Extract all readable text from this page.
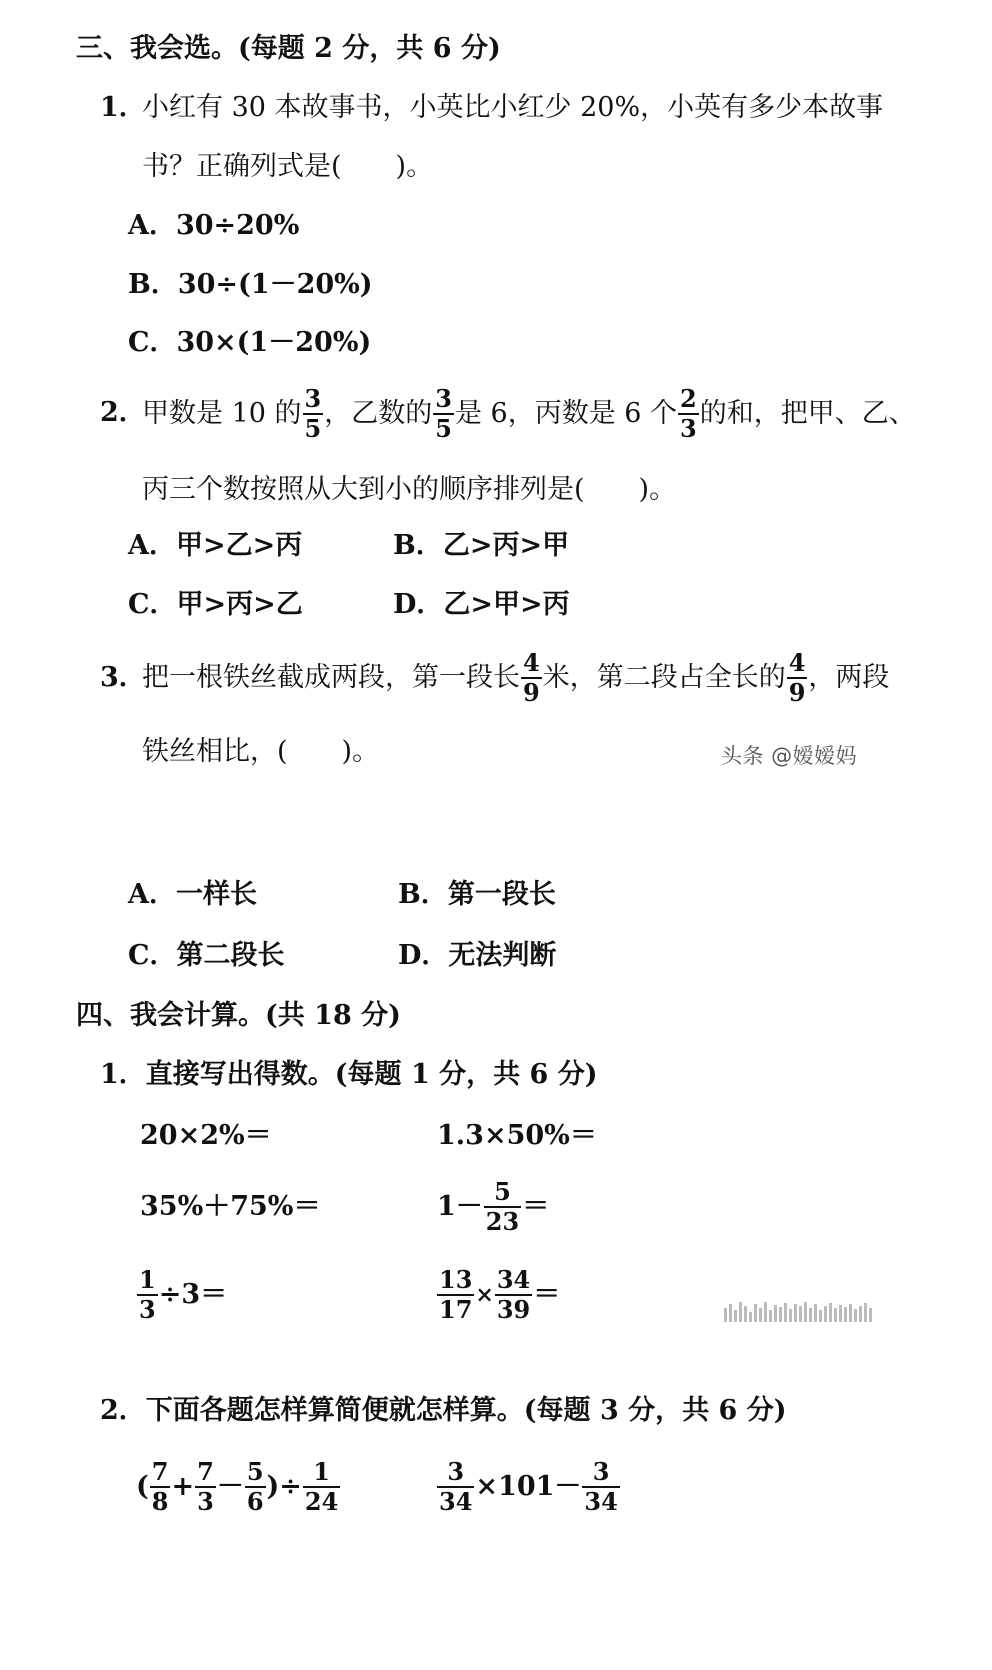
三、我会选。(每题 2 分，共 6 分)
1．
小红有 30 本故事书，小英比小红少 20%，小英有多少本故事
书？正确列式是(　　)。
A．30÷20%
B．30÷(1－20%)
C．30×(1－20%)
2．
甲数是 10 的 $\frac{3}{5}$ ，乙数的 $\frac{3}{5}$ 是 6，丙数是 6 个 $\frac{2}{3}$ 的和，把甲、乙、
丙三个数按照从大到小的顺序排列是(　　)。
A．甲>乙>丙	B．乙>丙>甲
C．甲>丙>乙	D．乙>甲>丙
3．
把一根铁丝截成两段，第一段长 $\frac{4}{9}$ 米，第二段占全长的 $\frac{4}{9}$ ，两段
铁丝相比，(　　)。	头条 @嫒嫒妈
A．一样长	B．第一段长
C．第二段长	D．无法判断
四、我会计算。(共 18 分)
1．直接写出得数。(每题 1 分，共 6 分)
20×2%＝	1.3×50%＝
35%＋75%＝	$1- \frac{5}{23}$ ＝
$\frac{1}{3} \div 3=$	$\frac{13}{17} \times \frac{34}{39}$ ＝
2．下面各题怎样算简便就怎样算。(每题 3 分，共 6 分)
( $\frac{7}{8} + \frac{7}{3} - \frac{5}{6}$ )÷ $\frac{1}{24}$	$\frac{3}{34} \times 101- \frac{3}{34}$
